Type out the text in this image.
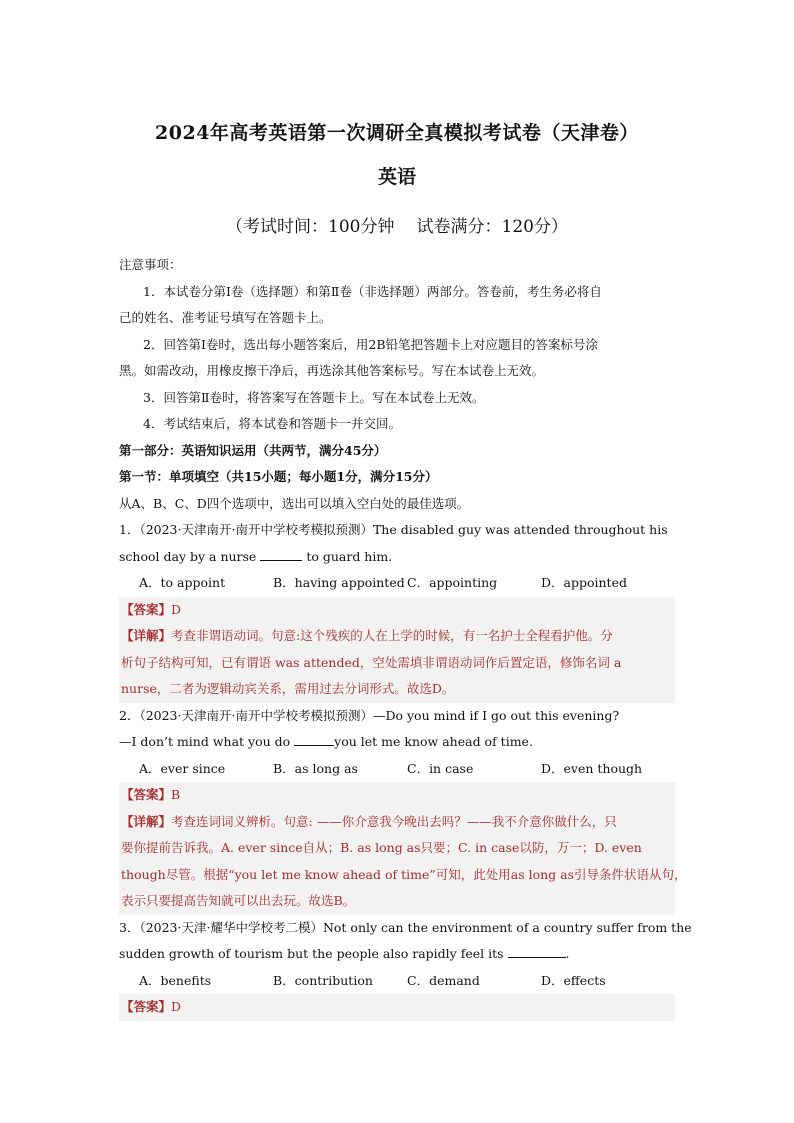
2024年高考英语第一次调研全真模拟考试卷（天津卷）
英语
（考试时间：100分钟 试卷满分：120分）
注意事项：
1．本试卷分第Ⅰ卷（选择题）和第Ⅱ卷（非选择题）两部分。答卷前，考生务必将自
己的姓名、准考证号填写在答题卡上。
2．回答第Ⅰ卷时，选出每小题答案后，用2B铅笔把答题卡上对应题目的答案标号涂
黑。如需改动，用橡皮擦干净后，再选涂其他答案标号。写在本试卷上无效。
3．回答第Ⅱ卷时，将答案写在答题卡上。写在本试卷上无效。
4．考试结束后，将本试卷和答题卡一并交回。
第一部分：英语知识运用（共两节，满分45分）
第一节：单项填空（共15小题；每小题1分，满分15分）
从A、B、C、D四个选项中，选出可以填入空白处的最佳选项。
1．（2023·天津南开·南开中学校考模拟预测）The disabled guy was attended throughout his
school day by a nurse	to guard him.
A．to appoint	B．having appointed C．appointing	D．appointed
【答案】D
【详解】考查非谓语动词。句意:这个残疾的人在上学的时候，有一名护士全程看护他。分
析句子结构可知，已有谓语 was attended，空处需填非谓语动词作后置定语，修饰名词 a
nurse，二者为逻辑动宾关系，需用过去分词形式。故选D。
2．（2023·天津南开·南开中学校考模拟预测）—Do you mind if I go out this evening?
—I don’t mind what you do	you let me know ahead of time.
A．ever since	B．as long as	C．in case	D．even though
【答案】B
【详解】考查连词词义辨析。句意: ——你介意我今晚出去吗？——我不介意你做什么，只
要你提前告诉我。A. ever since自从；B. as long as只要；C. in case以防，万一；D. even
though尽管。根据“you let me know ahead of time”可知，此处用as long as引导条件状语从句，
表示只要提高告知就可以出去玩。故选B。
3．（2023·天津·耀华中学校考二模）Not only can the environment of a country suffer from the
sudden growth of tourism but the people also rapidly feel its	.
A．benefits	B．contribution	C．demand	D．effects
【答案】D
